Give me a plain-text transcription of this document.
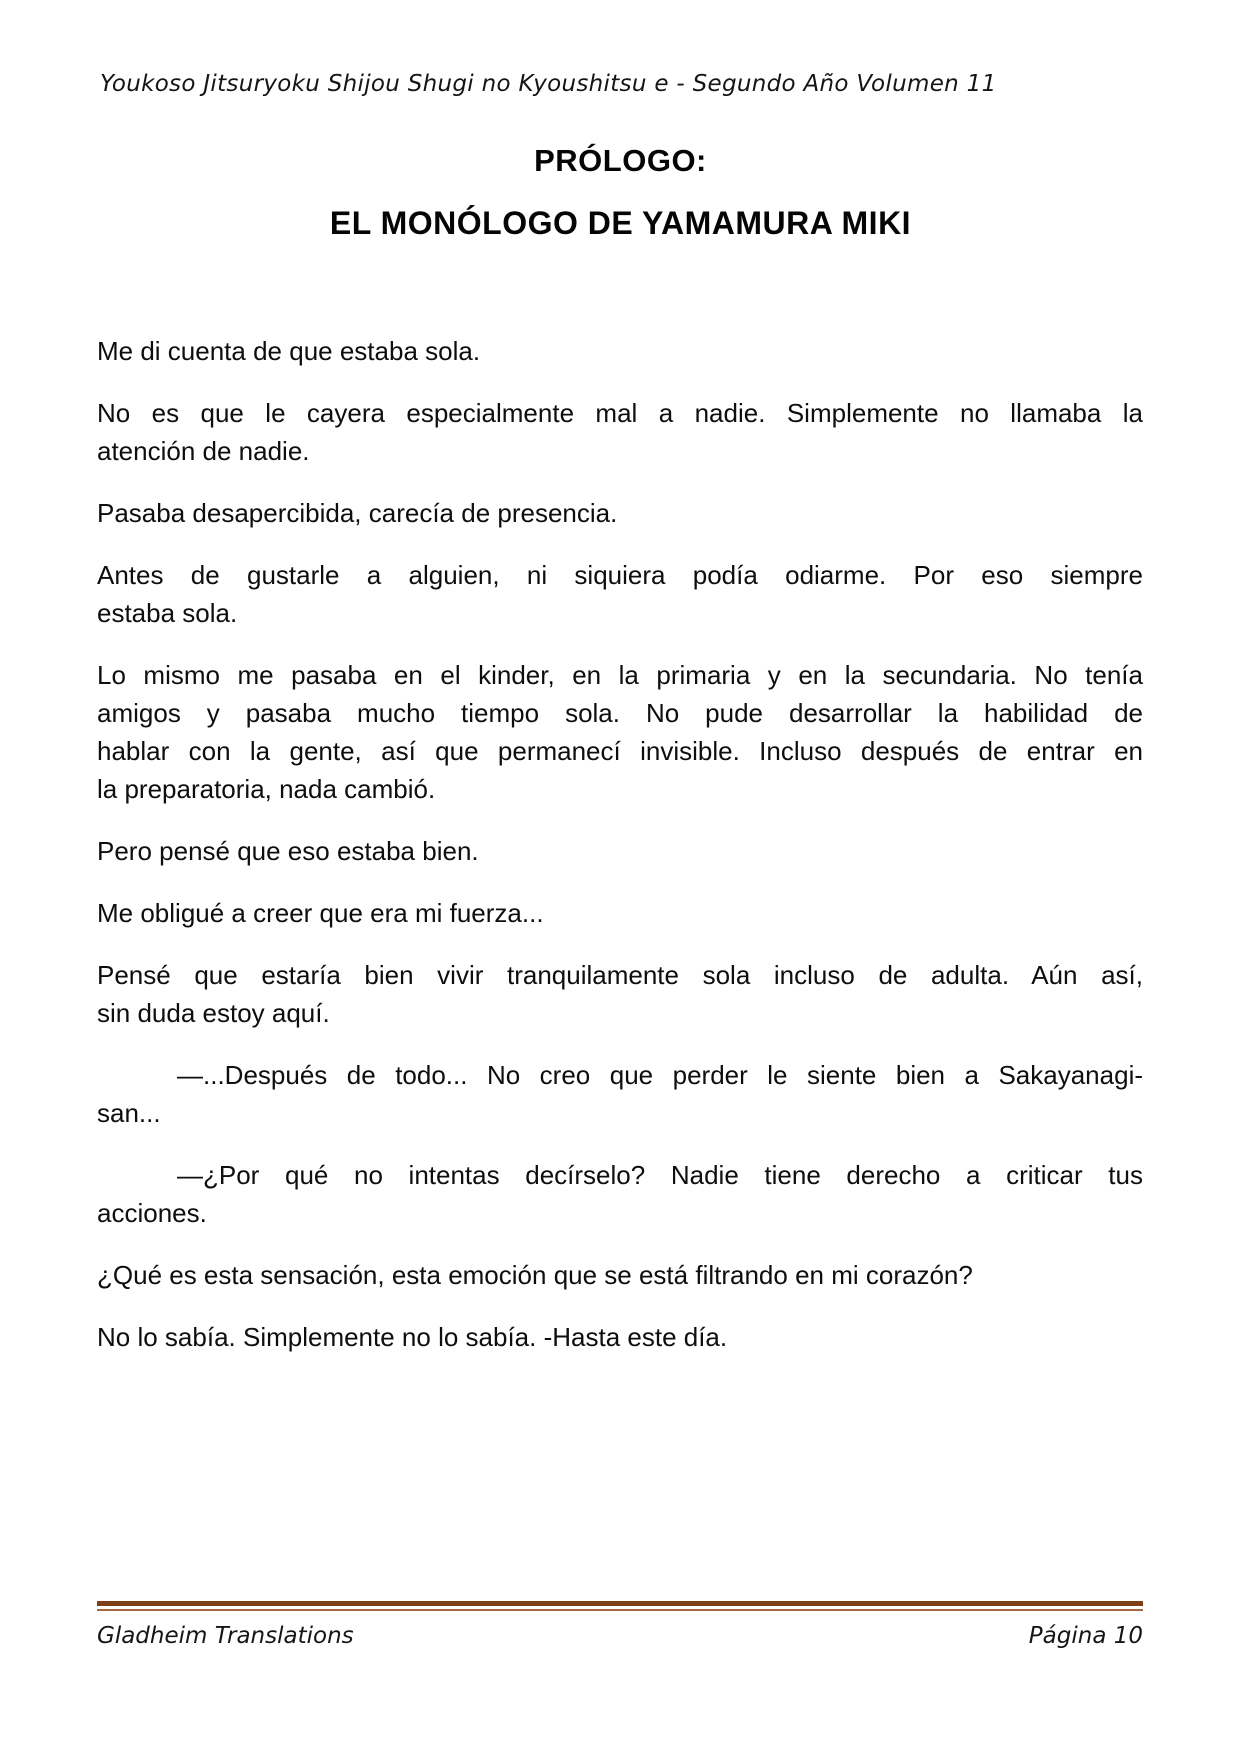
Youkoso Jitsuryoku Shijou Shugi no Kyoushitsu e - Segundo Año Volumen 11
PRÓLOGO:
EL MONÓLOGO DE YAMAMURA MIKI

Me di cuenta de que estaba sola.

No es que le cayera especialmente mal a nadie. Simplemente no llamaba la
atención de nadie.

Pasaba desapercibida, carecía de presencia.

Antes de gustarle a alguien, ni siquiera podía odiarme. Por eso siempre
estaba sola.

Lo mismo me pasaba en el kinder, en la primaria y en la secundaria. No tenía
amigos y pasaba mucho tiempo sola. No pude desarrollar la habilidad de
hablar con la gente, así que permanecí invisible. Incluso después de entrar en
la preparatoria, nada cambió.

Pero pensé que eso estaba bien.

Me obligué a creer que era mi fuerza...

Pensé que estaría bien vivir tranquilamente sola incluso de adulta. Aún así,
sin duda estoy aquí.

—...Después de todo... No creo que perder le siente bien a Sakayanagi-
san...

—¿Por qué no intentas decírselo? Nadie tiene derecho a criticar tus
acciones.

¿Qué es esta sensación, esta emoción que se está filtrando en mi corazón?

No lo sabía. Simplemente no lo sabía. -Hasta este día.

Gladheim Translations	Página 10
